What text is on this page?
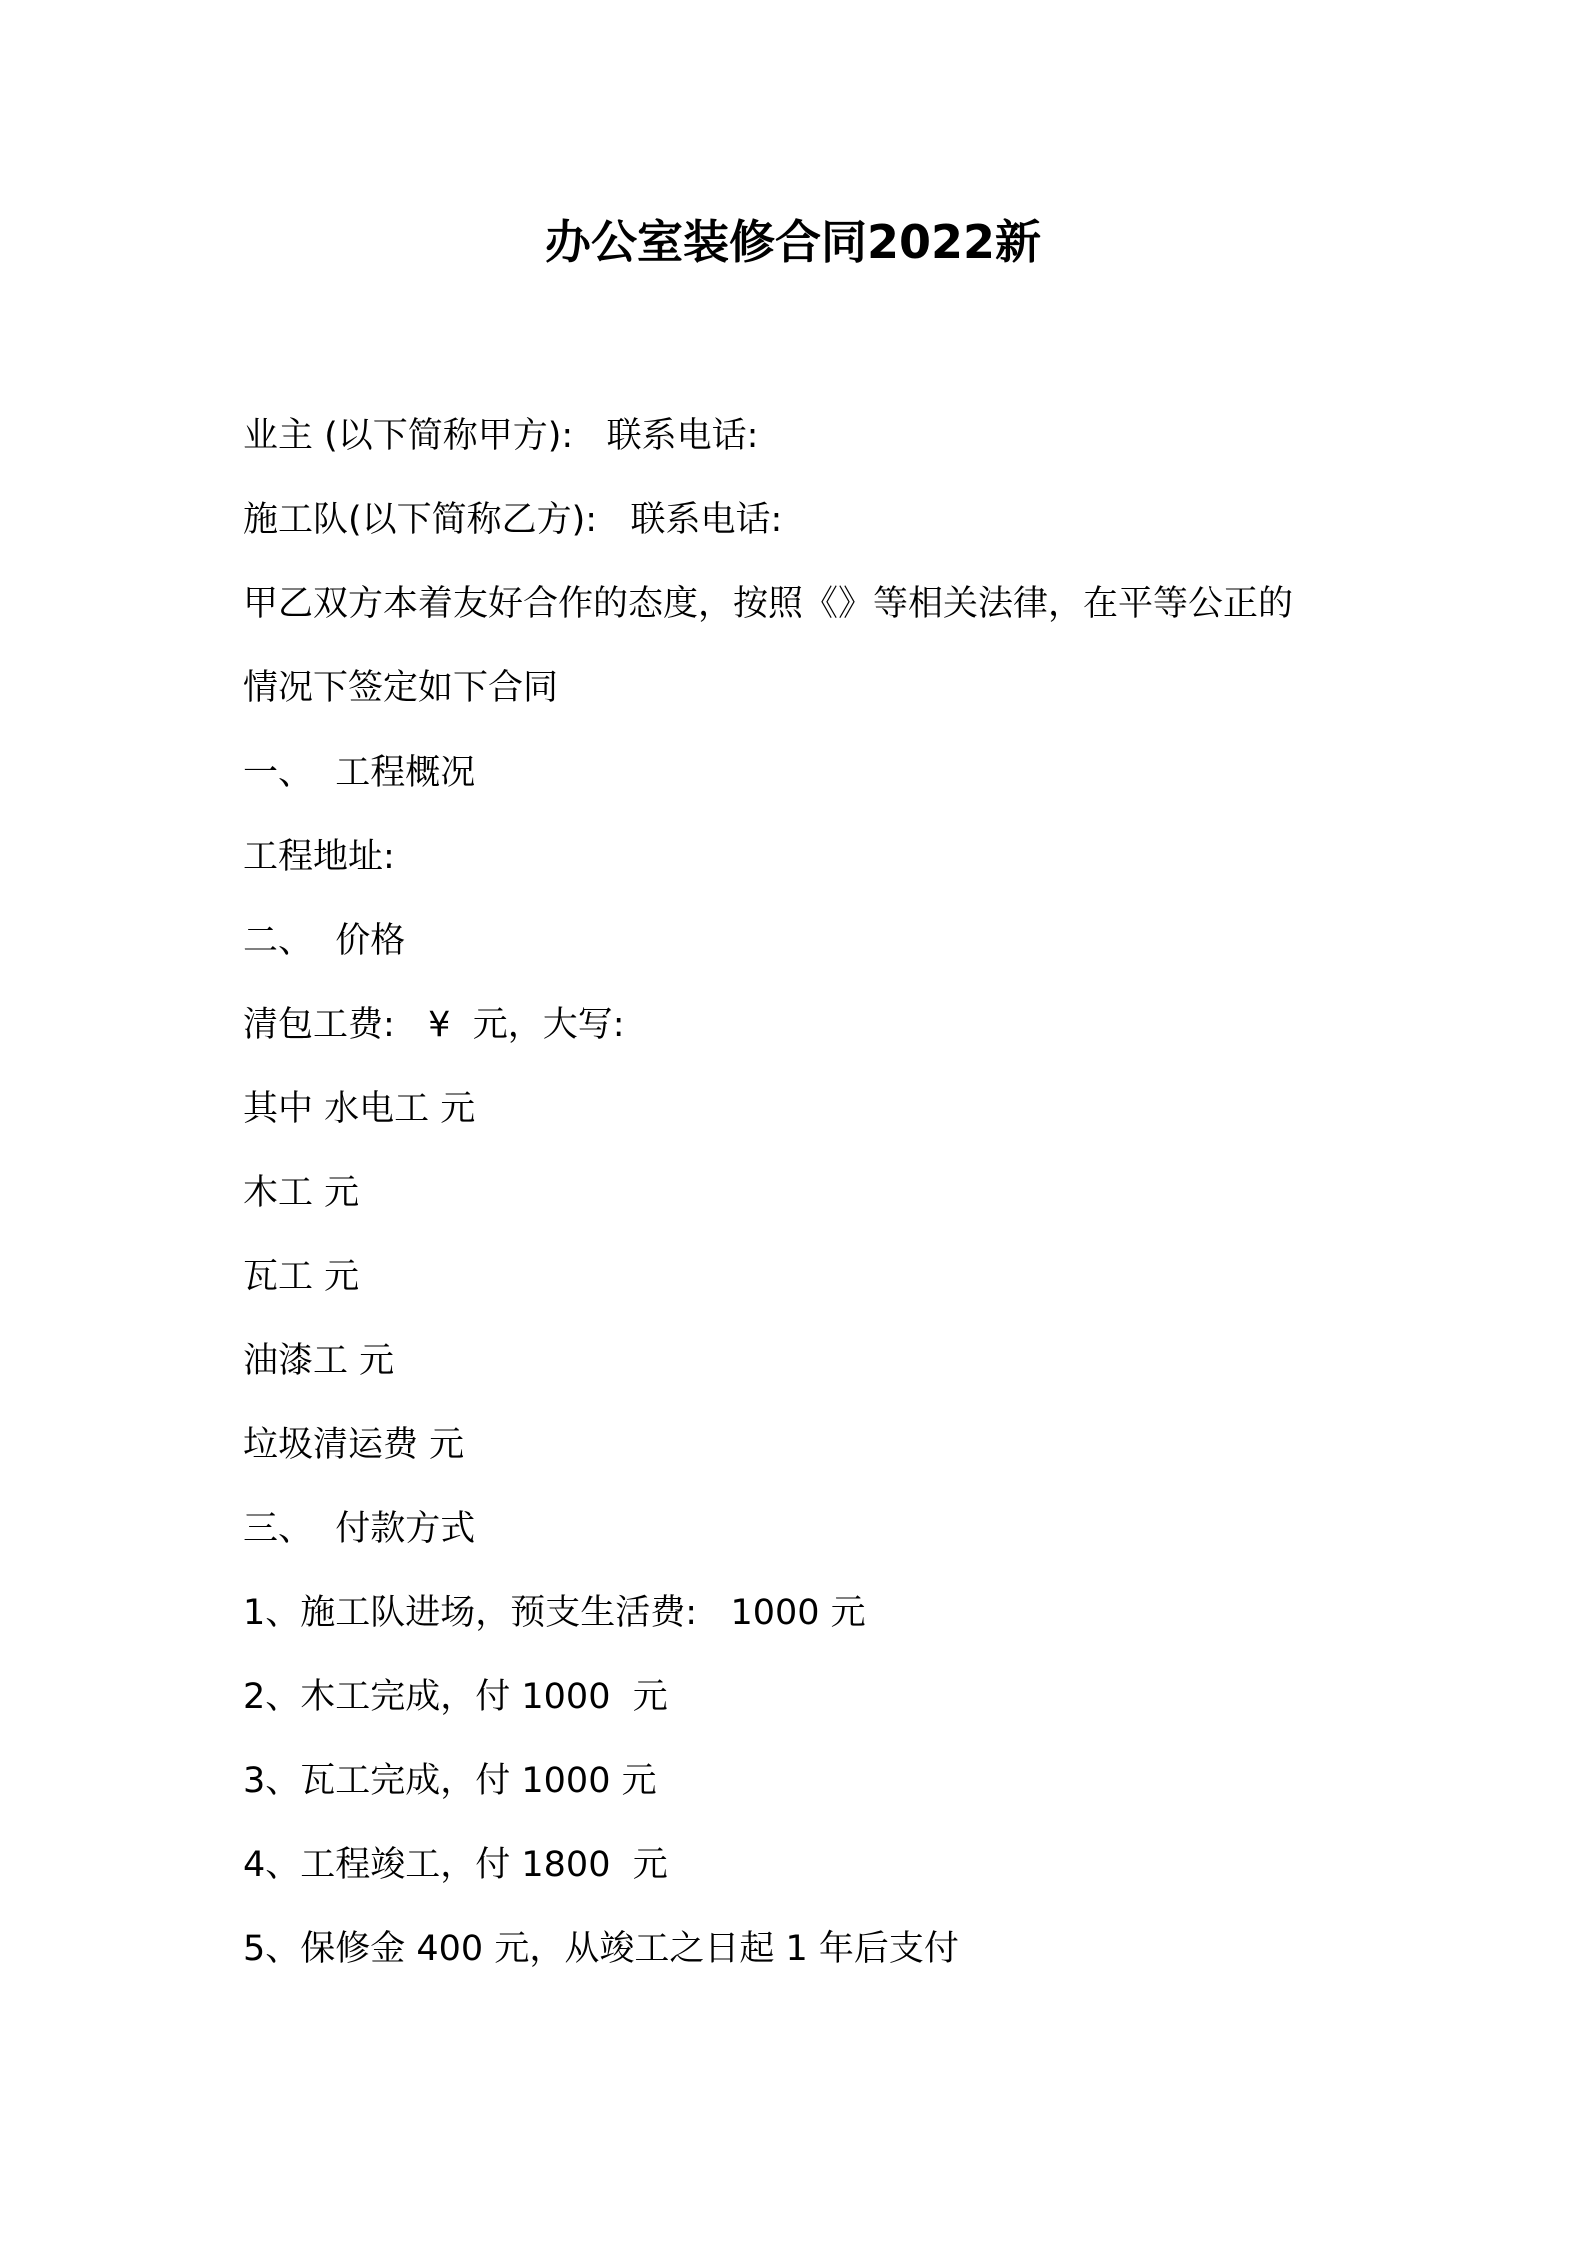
办公室装修合同2022新
业主 (以下简称甲方):   联系电话:
施工队(以下简称乙方):   联系电话:
甲乙双方本着友好合作的态度，按照《》等相关法律，在平等公正的
情况下签定如下合同
一、  工程概况
工程地址:
二、  价格
清包工费:   ¥  元，大写:
其中 水电工 元
木工 元
瓦工 元
油漆工 元
垃圾清运费 元
三、  付款方式
1、施工队进场，预支生活费:   1000 元
2、木工完成，付 1000  元
3、瓦工完成，付 1000 元
4、工程竣工，付 1800  元
5、保修金 400 元，从竣工之日起 1 年后支付
